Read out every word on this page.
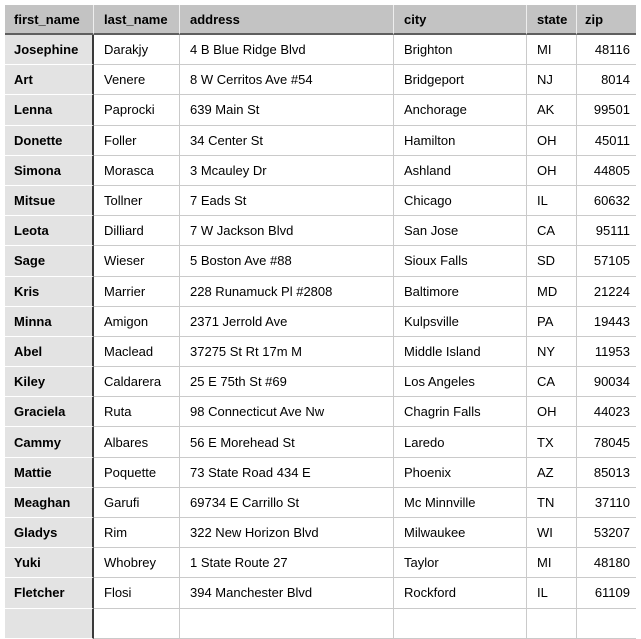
first_name	last_name	address	city	state	zip
Josephine	Darakjy	4 B Blue Ridge Blvd	Brighton	MI	48116
Art	Venere	8 W Cerritos Ave #54	Bridgeport	NJ	8014
Lenna	Paprocki	639 Main St	Anchorage	AK	99501
Donette	Foller	34 Center St	Hamilton	OH	45011
Simona	Morasca	3 Mcauley Dr	Ashland	OH	44805
Mitsue	Tollner	7 Eads St	Chicago	IL	60632
Leota	Dilliard	7 W Jackson Blvd	San Jose	CA	95111
Sage	Wieser	5 Boston Ave #88	Sioux Falls	SD	57105
Kris	Marrier	228 Runamuck Pl #2808	Baltimore	MD	21224
Minna	Amigon	2371 Jerrold Ave	Kulpsville	PA	19443
Abel	Maclead	37275 St Rt 17m M	Middle Island	NY	11953
Kiley	Caldarera	25 E 75th St #69	Los Angeles	CA	90034
Graciela	Ruta	98 Connecticut Ave Nw	Chagrin Falls	OH	44023
Cammy	Albares	56 E Morehead St	Laredo	TX	78045
Mattie	Poquette	73 State Road 434 E	Phoenix	AZ	85013
Meaghan	Garufi	69734 E Carrillo St	Mc Minnville	TN	37110
Gladys	Rim	322 New Horizon Blvd	Milwaukee	WI	53207
Yuki	Whobrey	1 State Route 27	Taylor	MI	48180
Fletcher	Flosi	394 Manchester Blvd	Rockford	IL	61109
